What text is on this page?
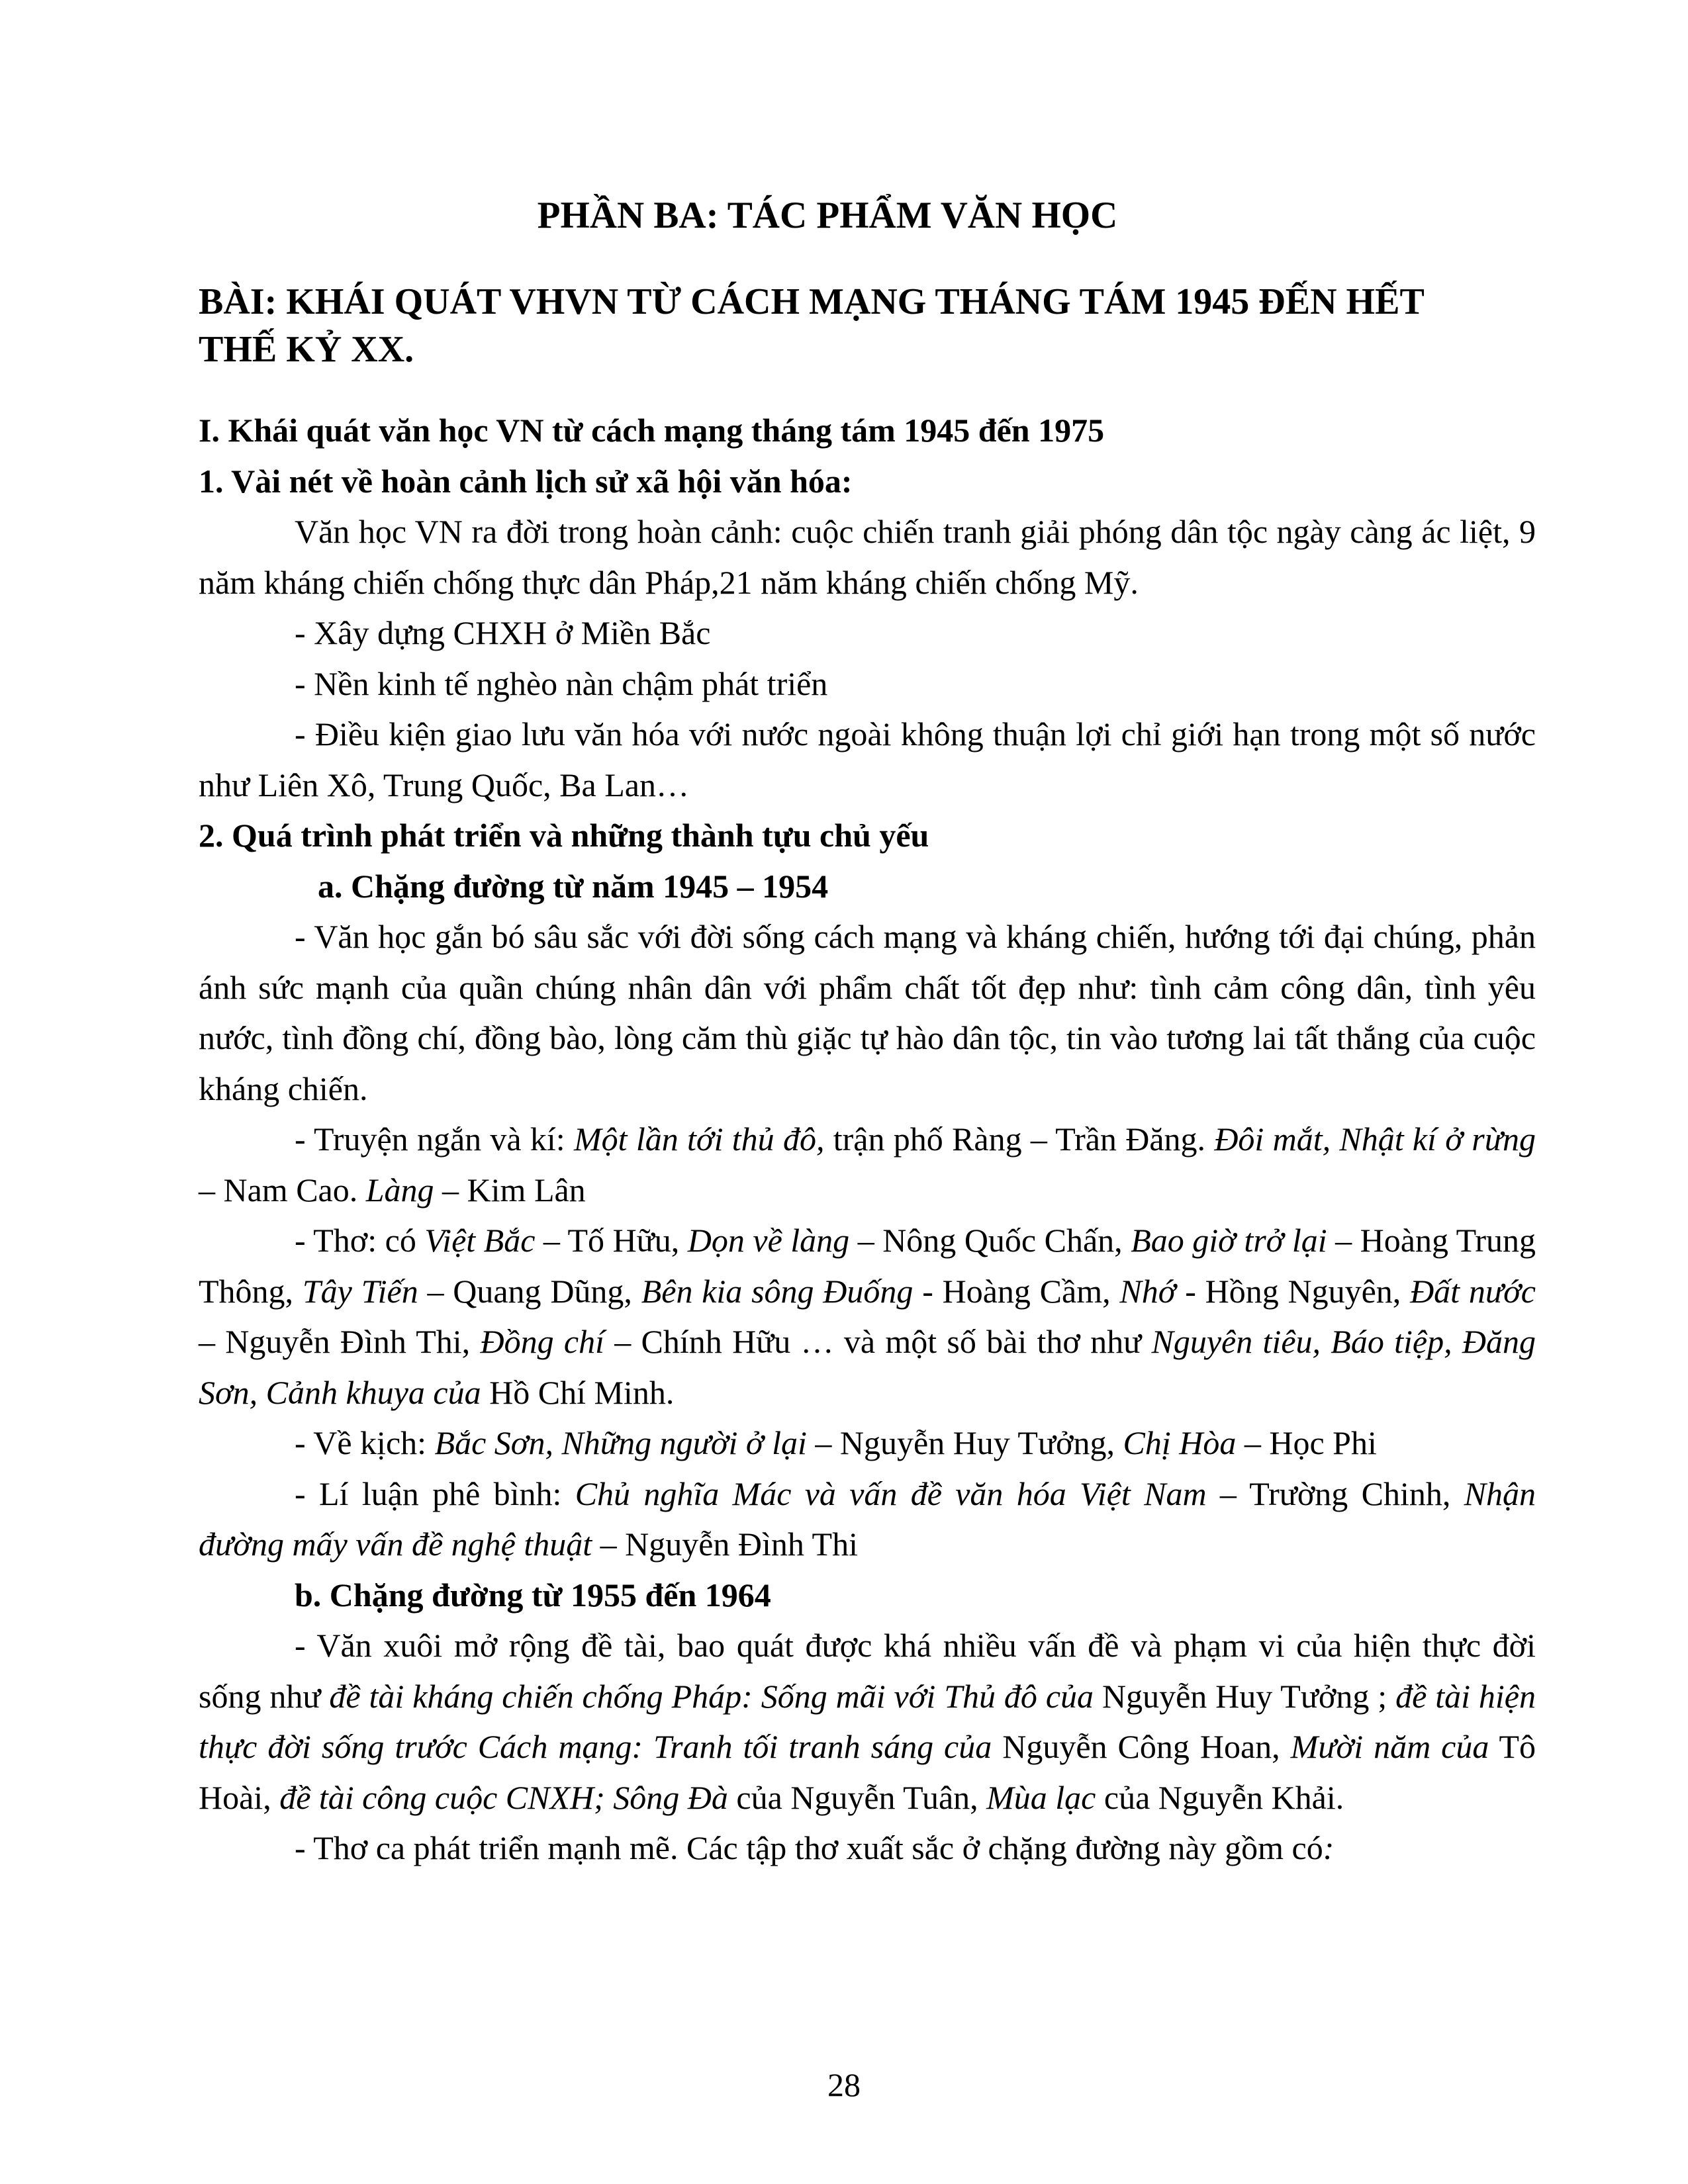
PHẦN BA: TÁC PHẨM VĂN HỌC
BÀI: KHÁI QUÁT VHVN TỪ CÁCH MẠNG THÁNG TÁM 1945 ĐẾN HẾT
THẾ KỶ XX.

I. Khái quát văn học VN từ cách mạng tháng tám 1945 đến 1975

1. Vài nét về hoàn cảnh lịch sử xã hội văn hóa:

Văn học VN ra đời trong hoàn cảnh: cuộc chiến tranh giải phóng dân tộc ngày càng ác liệt, 9 năm kháng chiến chống thực dân Pháp,21 năm kháng chiến chống Mỹ.

- Xây dựng CHXH ở Miền Bắc

- Nền kinh tế nghèo nàn chậm phát triển

- Điều kiện giao lưu văn hóa với nước ngoài không thuận lợi chỉ giới hạn trong một số nước như Liên Xô, Trung Quốc, Ba Lan…

2. Quá trình phát triển và những thành tựu chủ yếu

a. Chặng đường từ năm 1945 – 1954

- Văn học gắn bó sâu sắc với đời sống cách mạng và kháng chiến, hướng tới đại chúng, phản ánh sức mạnh của quần chúng nhân dân với phẩm chất tốt đẹp như: tình cảm công dân, tình yêu nước, tình đồng chí, đồng bào, lòng căm thù giặc tự hào dân tộc, tin vào tương lai tất thắng của cuộc kháng chiến.

- Truyện ngắn và kí: Một lần tới thủ đô, trận phố Ràng – Trần Đăng. Đôi mắt, Nhật kí ở rừng – Nam Cao. Làng – Kim Lân

- Thơ: có Việt Bắc – Tố Hữu, Dọn về làng – Nông Quốc Chấn, Bao giờ trở lại – Hoàng Trung Thông, Tây Tiến – Quang Dũng, Bên kia sông Đuống - Hoàng Cầm, Nhớ - Hồng Nguyên, Đất nước – Nguyễn Đình Thi, Đồng chí – Chính Hữu … và một số bài thơ như Nguyên tiêu, Báo tiệp, Đăng Sơn, Cảnh khuya của Hồ Chí Minh.

- Về kịch: Bắc Sơn, Những người ở lại – Nguyễn Huy Tưởng, Chị Hòa – Học Phi

- Lí luận phê bình: Chủ nghĩa Mác và vấn đề văn hóa Việt Nam – Trường Chinh, Nhận đường mấy vấn đề nghệ thuật – Nguyễn Đình Thi

b. Chặng đường từ 1955 đến 1964

- Văn xuôi mở rộng đề tài, bao quát được khá nhiều vấn đề và phạm vi của hiện thực đời sống như đề tài kháng chiến chống Pháp: Sống mãi với Thủ đô của Nguyễn Huy Tưởng ; đề tài hiện thực đời sống trước Cách mạng: Tranh tối tranh sáng của Nguyễn Công Hoan, Mười năm của Tô Hoài, đề tài công cuộc CNXH; Sông Đà của Nguyễn Tuân, Mùa lạc của Nguyễn Khải.

- Thơ ca phát triển mạnh mẽ. Các tập thơ xuất sắc ở chặng đường này gồm có:

28
